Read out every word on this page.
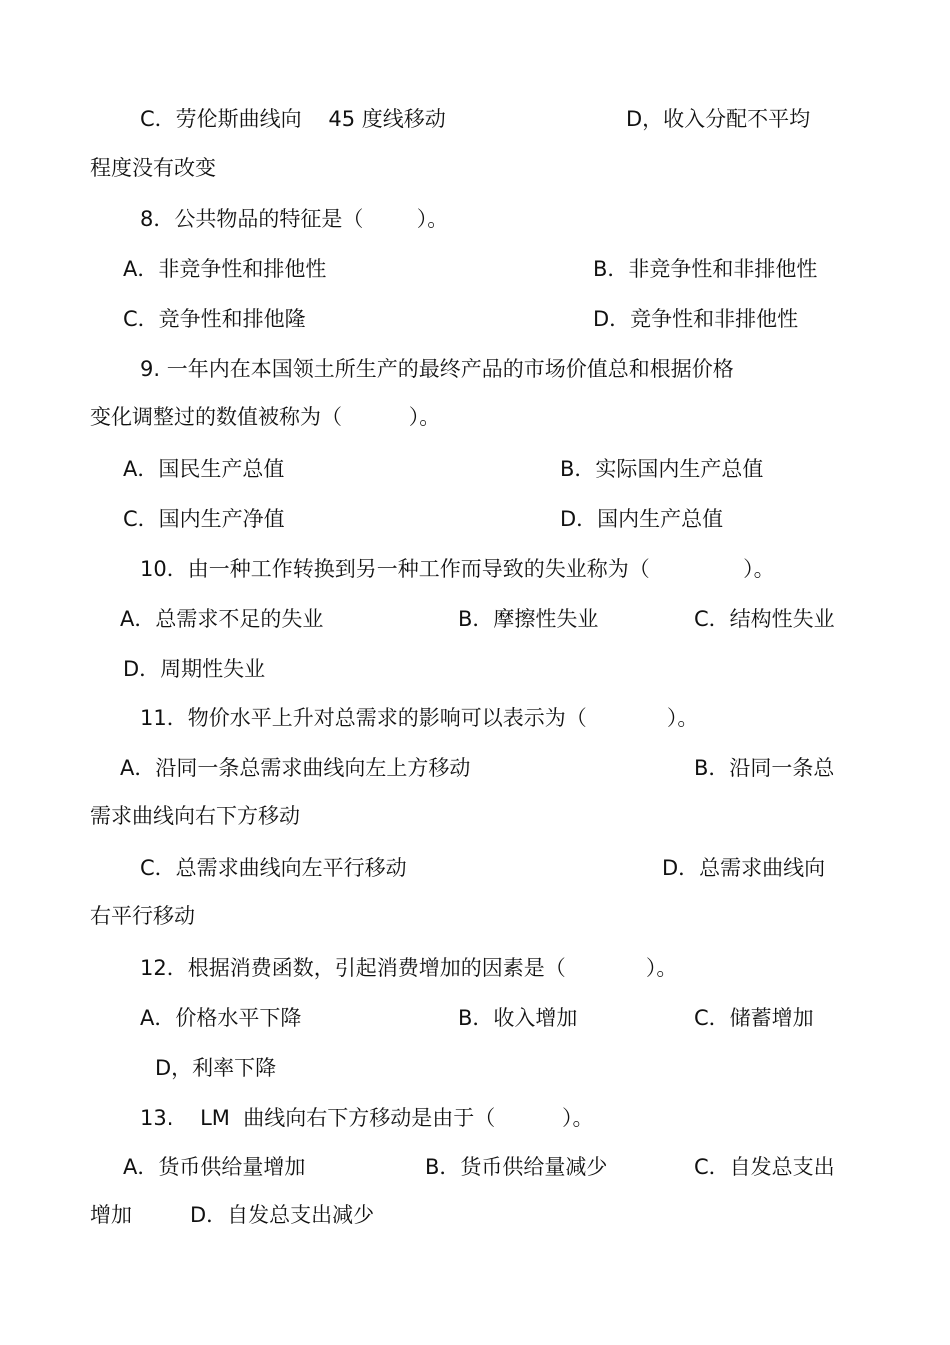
C．劳伦斯曲线向    45 度线移动	D，收入分配不平均
程度没有改变
8．公共物品的特征是（        ）。
A．非竞争性和排他性	B．非竞争性和非排他性
C．竞争性和排他隆	D．竞争性和非排他性
9. 一年内在本国领土所生产的最终产品的市场价值总和根据价格
变化调整过的数值被称为（          ）。
A．国民生产总值	B．实际国内生产总值
C．国内生产净值	D．国内生产总值
10．由一种工作转换到另一种工作而导致的失业称为（              ）。
A．总需求不足的失业	B．摩擦性失业	C．结构性失业
D．周期性失业
11．物价水平上升对总需求的影响可以表示为（            ）。
A．沿同一条总需求曲线向左上方移动	B．沿同一条总
需求曲线向右下方移动
C．总需求曲线向左平行移动	D．总需求曲线向
右平行移动
12．根据消费函数，引起消费增加的因素是（            ）。
A．价格水平下降	B．收入增加	C．储蓄增加
D，利率下降
13.    LM  曲线向右下方移动是由于（          ）。
A．货币供给量增加	B．货币供给量减少	C．自发总支出
增加	D．自发总支出减少
